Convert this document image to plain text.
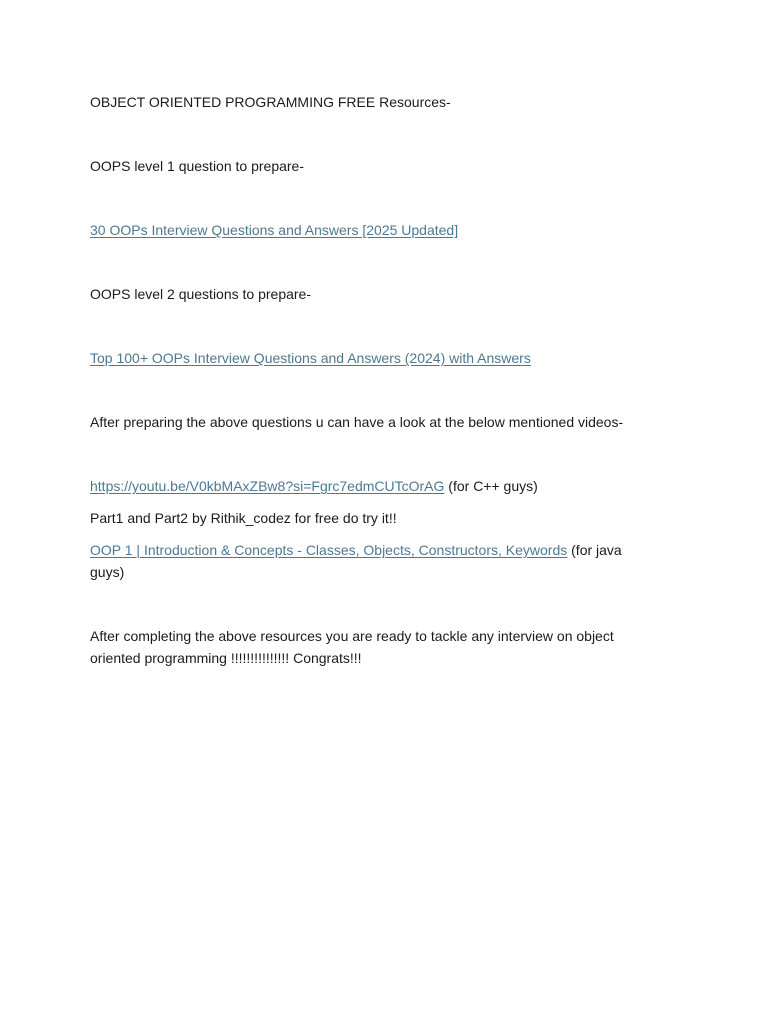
OBJECT ORIENTED PROGRAMMING FREE Resources-

OOPS level 1 question to prepare-

30 OOPs Interview Questions and Answers [2025 Updated]

OOPS level 2 questions to prepare-

Top 100+ OOPs Interview Questions and Answers (2024) with Answers

After preparing the above questions u can have a look at the below mentioned videos-

https://youtu.be/V0kbMAxZBw8?si=Fgrc7edmCUTcOrAG (for C++ guys)

Part1 and Part2 by Rithik_codez for free do try it!!

OOP 1 | Introduction & Concepts - Classes, Objects, Constructors, Keywords (for java guys)

After completing the above resources you are ready to tackle any interview on object oriented programming !!!!!!!!!!!!!!! Congrats!!!
